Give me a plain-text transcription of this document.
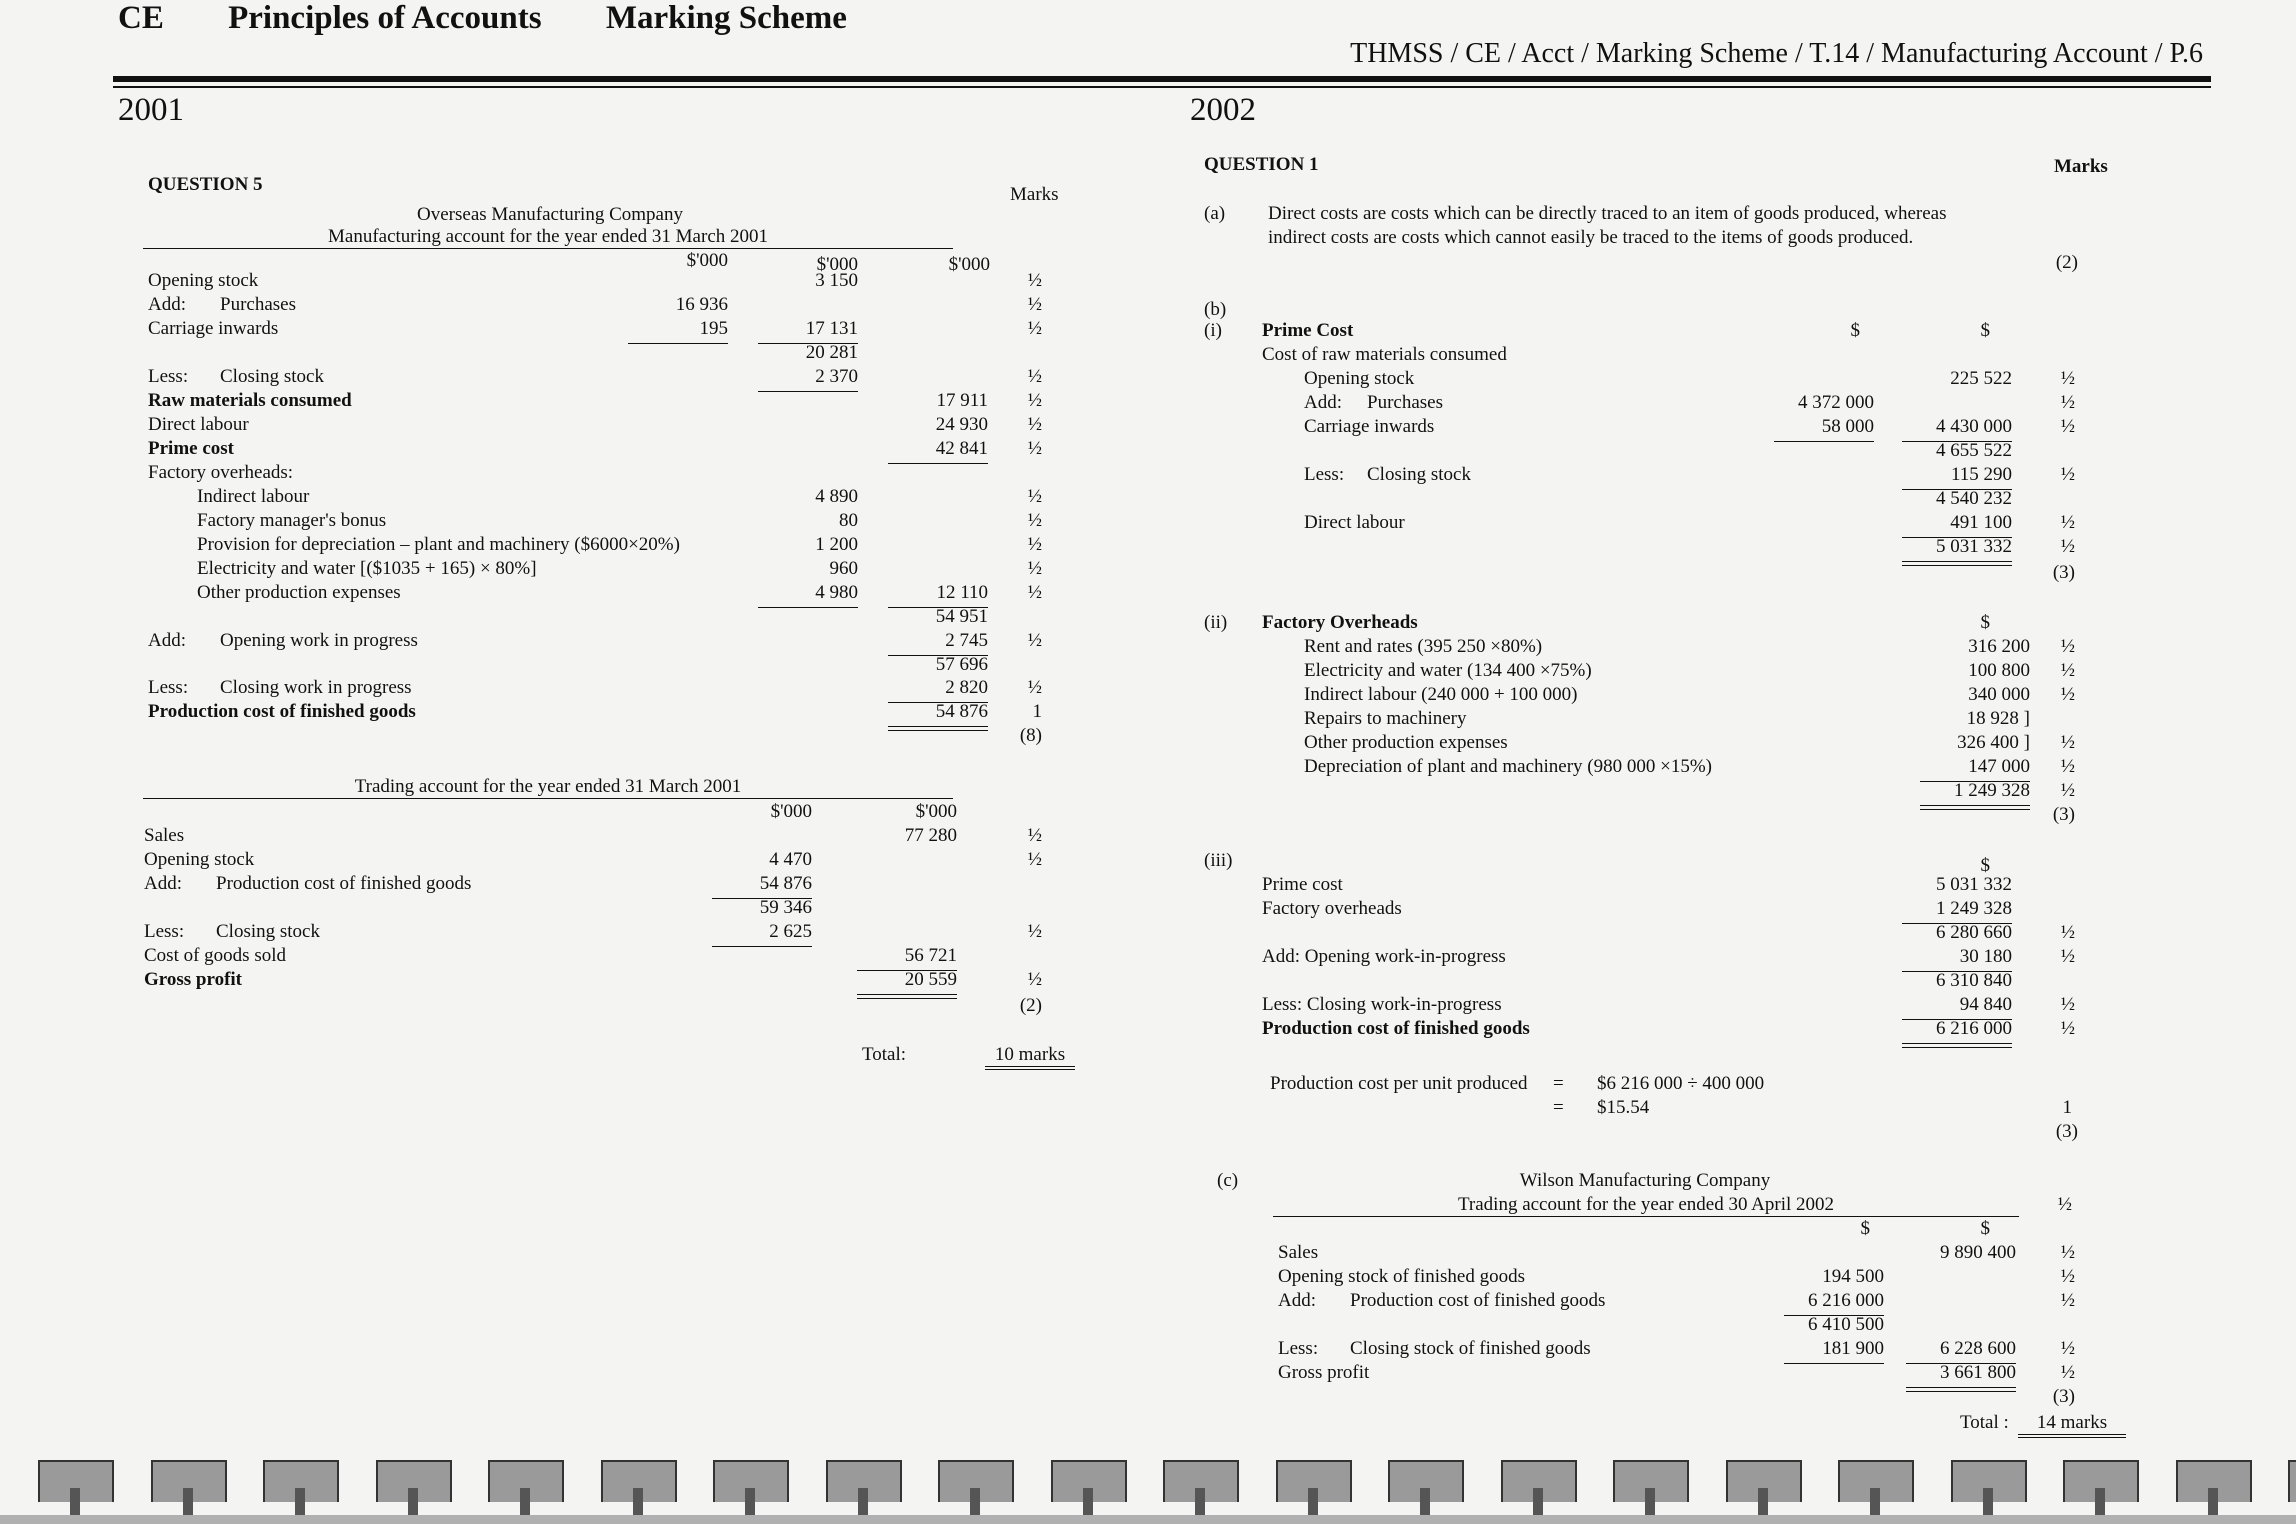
CE Principles of Accounts Marking Scheme
THMSS / CE / Acct / Marking Scheme / T.14 / Manufacturing Account / P.6
2001	2002
QUESTION 5	Marks
Overseas Manufacturing Company
Manufacturing account for the year ended 31 March 2001
$'000	$'000	$'000
Opening stock	3 150	½
Add: Purchases	16 936	½
Carriage inwards	195	17 131	½
20 281
Less: Closing stock	2 370	½
Raw materials consumed	17 911	½
Direct labour	24 930	½
Prime cost	42 841	½
Factory overheads:
Indirect labour	4 890	½
Factory manager's bonus	80	½
Provision for depreciation – plant and machinery ($6000×20%)	1 200	½
Electricity and water [($1035 + 165) × 80%]	960	½
Other production expenses	4 980	12 110	½
54 951
Add: Opening work in progress	2 745	½
57 696
Less: Closing work in progress	2 820	½
Production cost of finished goods	54 876	1
(8)
Trading account for the year ended 31 March 2001
$'000	$'000
Sales	77 280	½
Opening stock	4 470	½
Add: Production cost of finished goods	54 876
59 346
Less: Closing stock	2 625	½
Cost of goods sold	56 721
Gross profit	20 559	½
(2)
Total:	10 marks
QUESTION 1	Marks
(a) Direct costs are costs which can be directly traced to an item of goods produced, whereas
indirect costs are costs which cannot easily be traced to the items of goods produced.
(2)
(b)
(i) Prime Cost	$	$
Cost of raw materials consumed
Opening stock	225 522	½
Add: Purchases	4 372 000	½
Carriage inwards	58 000	4 430 000	½
4 655 522
Less: Closing stock	115 290	½
4 540 232
Direct labour	491 100	½
5 031 332	½
(3)
(ii) Factory Overheads	$
Rent and rates (395 250 ×80%)	316 200	½
Electricity and water (134 400 ×75%)	100 800	½
Indirect labour (240 000 + 100 000)	340 000	½
Repairs to machinery	18 928 ]
Other production expenses	326 400 ]	½
Depreciation of plant and machinery (980 000 ×15%)	147 000	½
1 249 328	½
(3)
(iii)	$
Prime cost	5 031 332
Factory overheads	1 249 328
6 280 660	½
Add: Opening work-in-progress	30 180	½
6 310 840
Less: Closing work-in-progress	94 840	½
Production cost of finished goods	6 216 000	½
Production cost per unit produced = $6 216 000 ÷ 400 000
= $15.54	1
(3)
(c)	Wilson Manufacturing Company
Trading account for the year ended 30 April 2002	½
$	$
Sales	9 890 400	½
Opening stock of finished goods	194 500	½
Add: Production cost of finished goods	6 216 000	½
6 410 500
Less: Closing stock of finished goods	181 900	6 228 600	½
Gross profit	3 661 800	½
(3)
Total :	14 marks
